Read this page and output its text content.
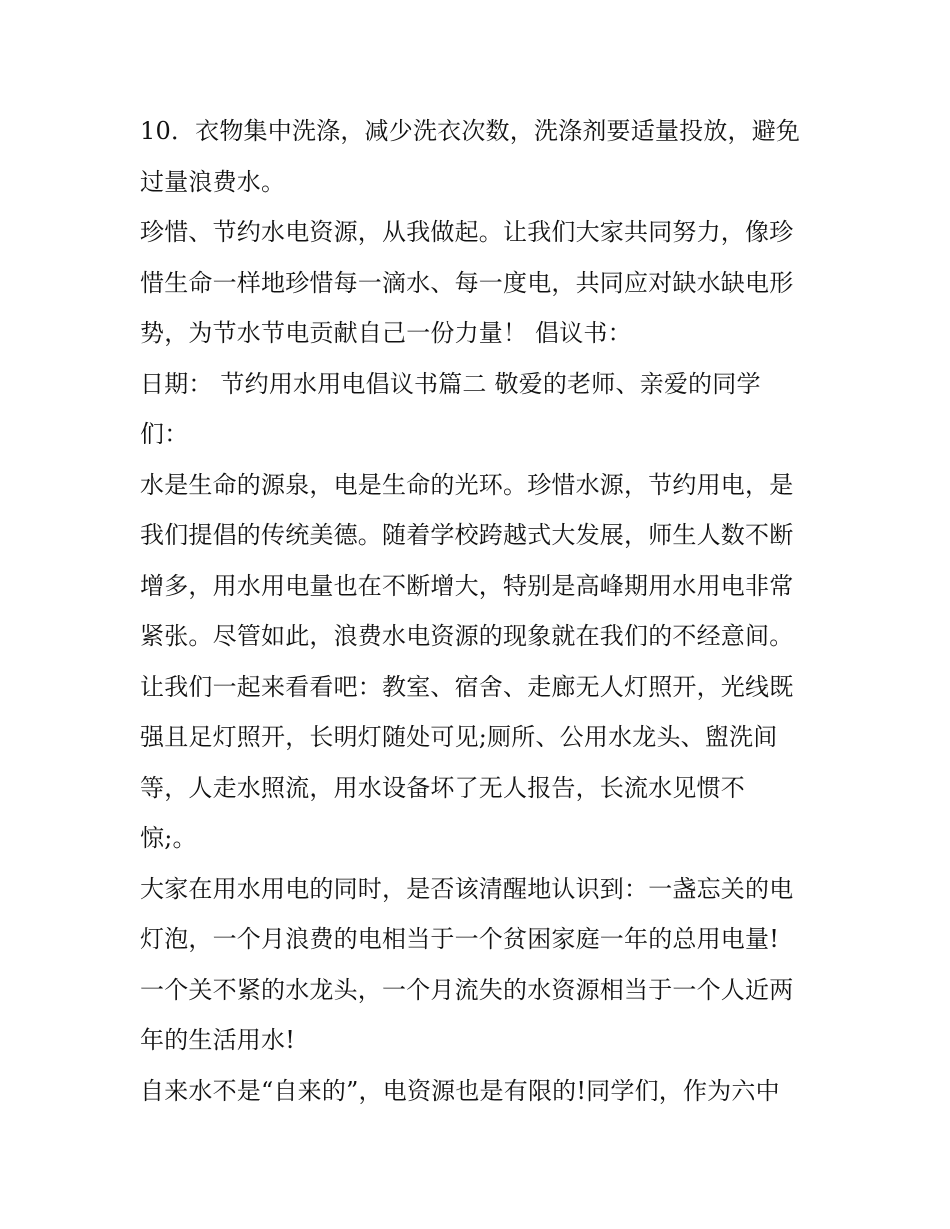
10．衣物集中洗涤，减少洗衣次数，洗涤剂要适量投放，避免
过量浪费水。

珍惜、节约水电资源，从我做起。让我们大家共同努力，像珍
惜生命一样地珍惜每一滴水、每一度电，共同应对缺水缺电形
势，为节水节电贡献自己一份力量！ 倡议书：

日期： 节约用水用电倡议书篇二 敬爱的老师、亲爱的同学
们：

水是生命的源泉，电是生命的光环。珍惜水源，节约用电，是
我们提倡的传统美德。随着学校跨越式大发展，师生人数不断
增多，用水用电量也在不断增大，特别是高峰期用水用电非常
紧张。尽管如此，浪费水电资源的现象就在我们的不经意间。
让我们一起来看看吧：教室、宿舍、走廊无人灯照开，光线既
强且足灯照开，长明灯随处可见;厕所、公用水龙头、盥洗间
等，人走水照流，用水设备坏了无人报告，长流水见惯不
惊;。

大家在用水用电的同时，是否该清醒地认识到：一盏忘关的电
灯泡，一个月浪费的电相当于一个贫困家庭一年的总用电量!
一个关不紧的水龙头，一个月流失的水资源相当于一个人近两
年的生活用水!

自来水不是“自来的”，电资源也是有限的!同学们，作为六中
